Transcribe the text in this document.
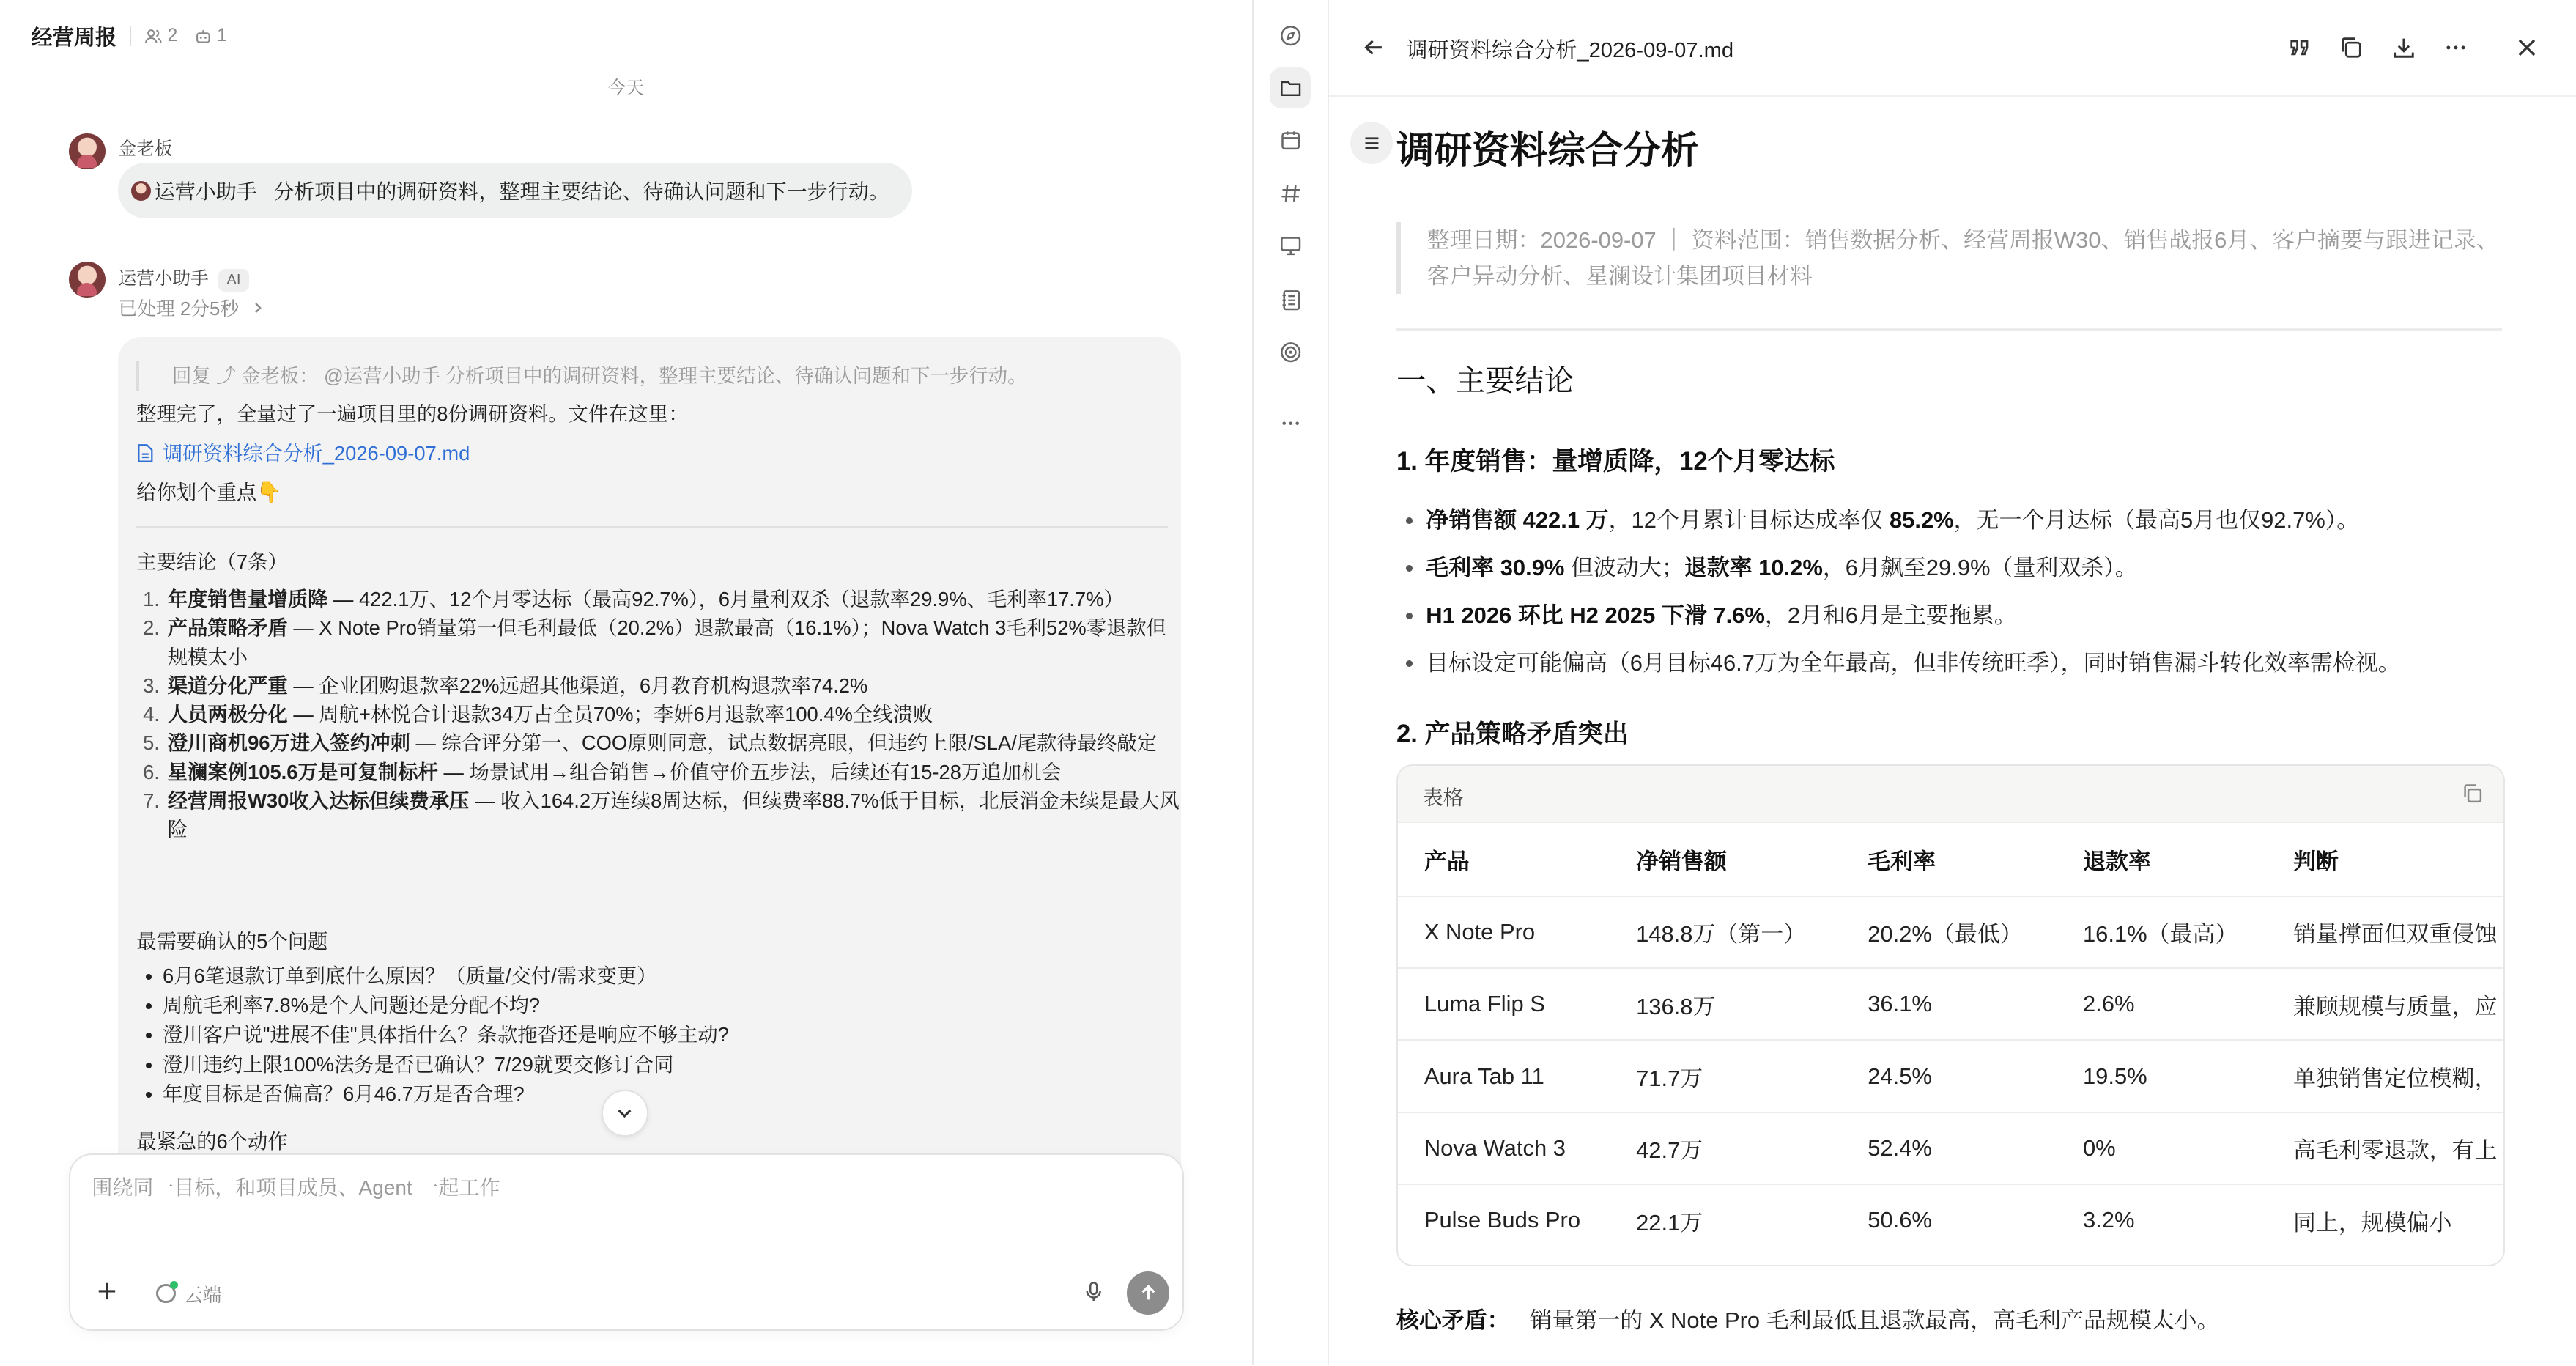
经营周报	2	1
今天
金老板
运营小助手 分析项目中的调研资料，整理主要结论、待确认问题和下一步行动。
运营小助手	AI
已处理 2分5秒
回复 ⤴ 金老板： @运营小助手 分析项目中的调研资料，整理主要结论、待确认问题和下一步行动。
整理完了，全量过了一遍项目里的8份调研资料。文件在这里：
调研资料综合分析_2026-09-07.md
给你划个重点👇
主要结论（7条）
年度销售量增质降 — 422.1万、12个月零达标（最高92.7%），6月量利双杀（退款率29.9%、毛利率17.7%）
产品策略矛盾 — X Note Pro销量第一但毛利最低（20.2%）退款最高（16.1%）；Nova Watch 3毛利52%零退款但规模太小
渠道分化严重 — 企业团购退款率22%远超其他渠道，6月教育机构退款率74.2%
人员两极分化 — 周航+林悦合计退款34万占全员70%；李妍6月退款率100.4%全线溃败
澄川商机96万进入签约冲刺 — 综合评分第一、COO原则同意，试点数据亮眼，但违约上限/SLA/尾款待最终敲定
星澜案例105.6万是可复制标杆 — 场景试用→组合销售→价值守价五步法，后续还有15-28万追加机会
经营周报W30收入达标但续费承压 — 收入164.2万连续8周达标，但续费率88.7%低于目标，北辰消金未续是最大风险
最需要确认的5个问题
• 6月6笔退款订单到底什么原因？（质量/交付/需求变更）
• 周航毛利率7.8%是个人问题还是分配不均?
• 澄川客户说"进展不佳"具体指什么？条款拖沓还是响应不够主动?
• 澄川违约上限100%法务是否已确认？7/29就要交修订合同
• 年度目标是否偏高？6月46.7万是否合理?
最紧急的6个动作
围绕同一目标，和项目成员、Agent 一起工作
云端
调研资料综合分析_2026-09-07.md
调研资料综合分析
整理日期：2026-09-07 ｜ 资料范围：销售数据分析、经营周报W30、销售战报6月、客户摘要与跟进记录、客户异动分析、星澜设计集团项目材料
一、主要结论
1. 年度销售：量增质降，12个月零达标
净销售额 422.1 万，12个月累计目标达成率仅 85.2%，无一个月达标（最高5月也仅92.7%）。
毛利率 30.9% 但波动大；退款率 10.2%，6月飙至29.9%（量利双杀）。
H1 2026 环比 H2 2025 下滑 7.6%，2月和6月是主要拖累。
目标设定可能偏高（6月目标46.7万为全年最高，但非传统旺季），同时销售漏斗转化效率需检视。
2. 产品策略矛盾突出
表格
产品	净销售额	毛利率	退款率	判断
X Note Pro	148.8万（第一）	20.2%（最低）	16.1%（最高）	销量撑面但双重侵蚀
Luma Flip S	136.8万	36.1%	2.6%	兼顾规模与质量，应
Aura Tab 11	71.7万	24.5%	19.5%	单独销售定位模糊，
Nova Watch 3	42.7万	52.4%	0%	高毛利零退款，有上
Pulse Buds Pro	22.1万	50.6%	3.2%	同上，规模偏小
核心矛盾： 销量第一的 X Note Pro 毛利最低且退款最高，高毛利产品规模太小。
